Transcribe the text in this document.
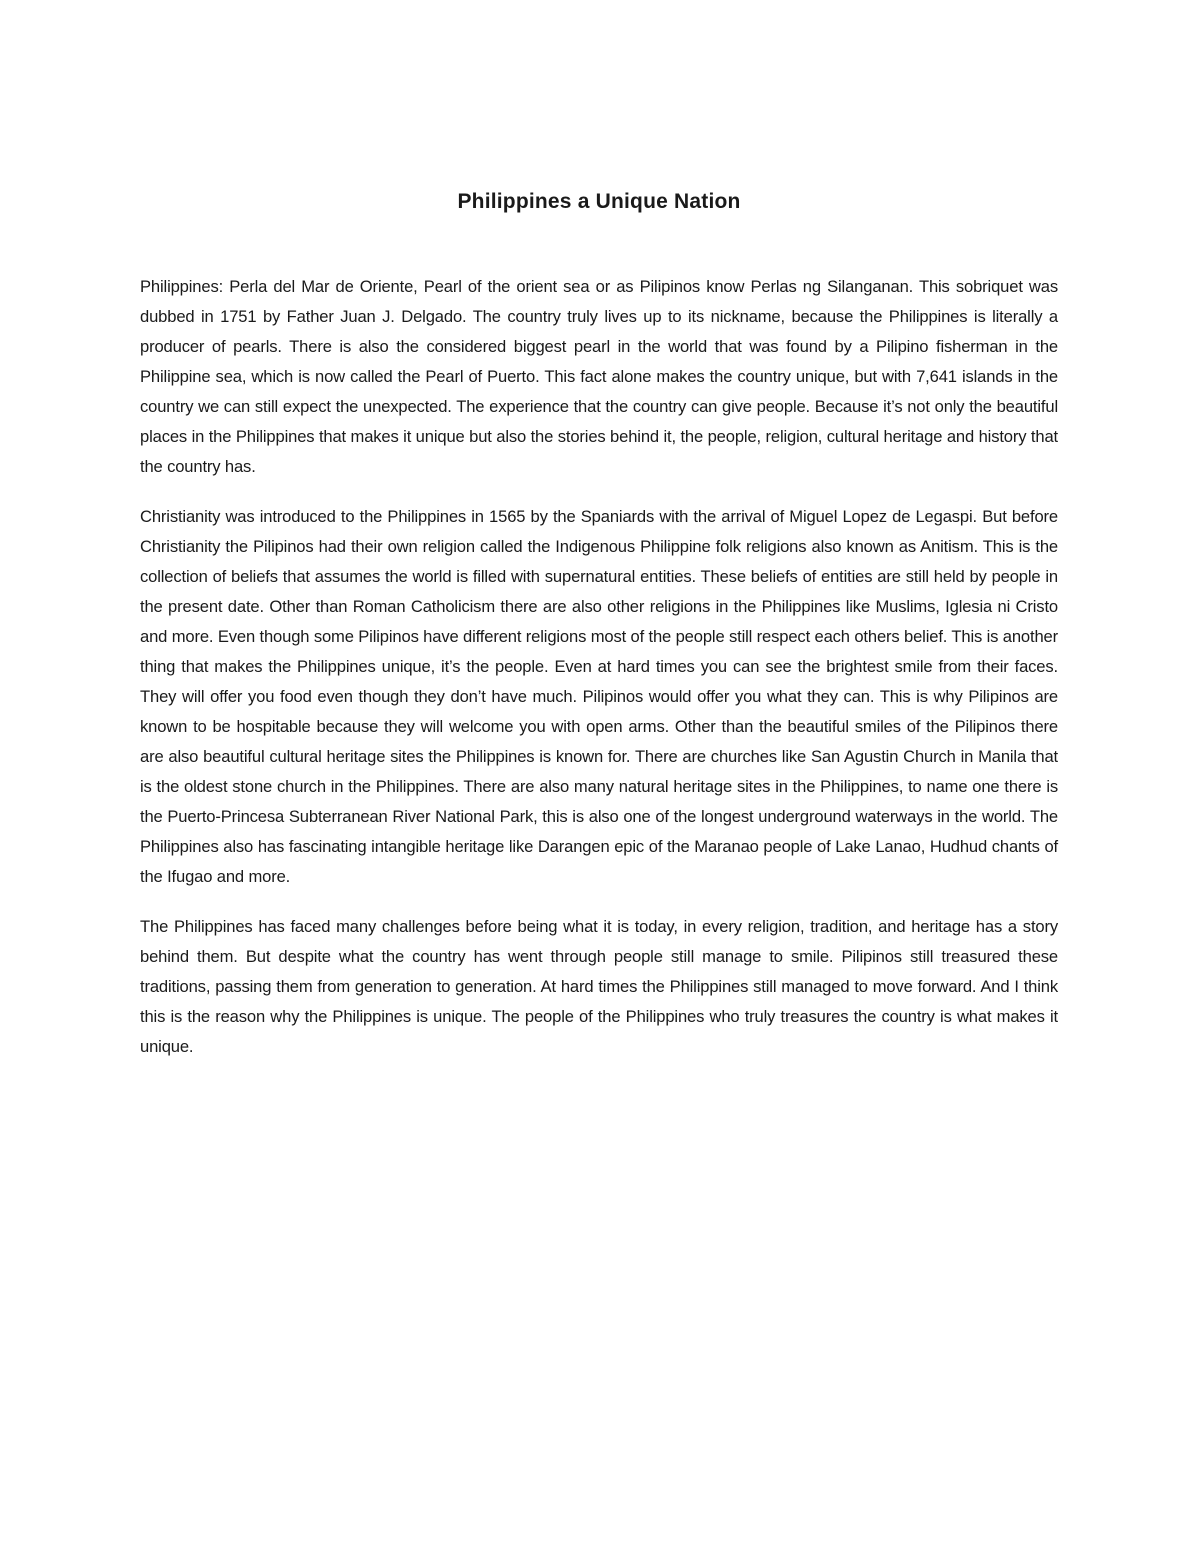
Philippines a Unique Nation

Philippines: Perla del Mar de Oriente, Pearl of the orient sea or as Pilipinos know Perlas ng Silanganan. This sobriquet was dubbed in 1751 by Father Juan J. Delgado. The country truly lives up to its nickname, because the Philippines is literally a producer of pearls. There is also the considered biggest pearl in the world that was found by a Pilipino fisherman in the Philippine sea, which is now called the Pearl of Puerto. This fact alone makes the country unique, but with 7,641 islands in the country we can still expect the unexpected. The experience that the country can give people. Because it’s not only the beautiful places in the Philippines that makes it unique but also the stories behind it, the people, religion, cultural heritage and history that the country has.

Christianity was introduced to the Philippines in 1565 by the Spaniards with the arrival of Miguel Lopez de Legaspi. But before Christianity the Pilipinos had their own religion called the Indigenous Philippine folk religions also known as Anitism. This is the collection of beliefs that assumes the world is filled with supernatural entities. These beliefs of entities are still held by people in the present date. Other than Roman Catholicism there are also other religions in the Philippines like Muslims, Iglesia ni Cristo and more. Even though some Pilipinos have different religions most of the people still respect each others belief. This is another thing that makes the Philippines unique, it’s the people. Even at hard times you can see the brightest smile from their faces. They will offer you food even though they don’t have much. Pilipinos would offer you what they can. This is why Pilipinos are known to be hospitable because they will welcome you with open arms. Other than the beautiful smiles of the Pilipinos there are also beautiful cultural heritage sites the Philippines is known for. There are churches like San Agustin Church in Manila that is the oldest stone church in the Philippines. There are also many natural heritage sites in the Philippines, to name one there is the Puerto-Princesa Subterranean River National Park, this is also one of the longest underground waterways in the world. The Philippines also has fascinating intangible heritage like Darangen epic of the Maranao people of Lake Lanao, Hudhud chants of the Ifugao and more.

The Philippines has faced many challenges before being what it is today, in every religion, tradition, and heritage has a story behind them. But despite what the country has went through people still manage to smile. Pilipinos still treasured these traditions, passing them from generation to generation. At hard times the Philippines still managed to move forward. And I think this is the reason why the Philippines is unique. The people of the Philippines who truly treasures the country is what makes it unique.
